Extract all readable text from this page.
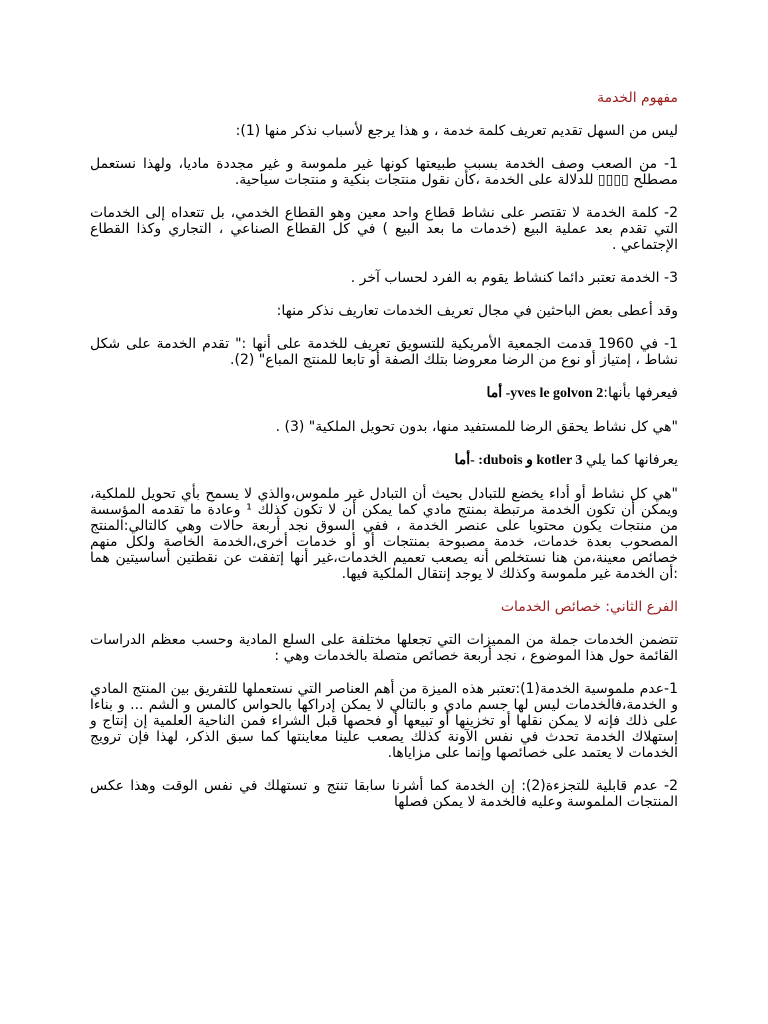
مفهوم الخدمة

ليس من السهل تقديم تعريف كلمة خدمة ، و هذا يرجع لأسباب نذكر منها (1):

1- من الصعب وصف الخدمة بسبب طبيعتها كونها غير ملموسة و غير مجددة ماديا، ولهذا نستعمل مصطلح ▯▯▯▯ للدلالة على الخدمة ،كأن نقول منتجات بنكية و منتجات سياحية.

2- كلمة الخدمة لا تقتصر على نشاط قطاع واحد معين وهو القطاع الخدمي، بل تتعداه إلى الخدمات التي تقدم بعد عملية البيع (خدمات ما بعد البيع ) في كل القطاع الصناعي ، التجاري وكذا القطاع الإجتماعي .

3- الخدمة تعتبر دائما كنشاط يقوم به الفرد لحساب آخر .

وقد أعطى بعض الباحثين في مجال تعريف الخدمات تعاريف نذكر منها:

1- في 1960 قدمت الجمعية الأمريكية للتسويق تعريف للخدمة على أنها :" تقدم الخدمة على شكل نشاط ، إمتياز أو نوع من الرضا معروضا بتلك الصفة أو تابعا للمنتج المباع" (2).

فيعرفها بأنها:yves le golvon 2- أما

"هي كل نشاط يحقق الرضا للمستفيد منها، بدون تحويل الملكية" (3) .

يعرفانها كما يلي kotler 3 و dubois: -أما

"هي كل نشاط أو أداء يخضع للتبادل بحيث أن التبادل غير ملموس،والذي لا يسمح بأي تحويل للملكية، ويمكن أن تكون الخدمة مرتبطة بمنتج مادي كما يمكن أن لا تكون كذلك ¹ وعادة ما تقدمه المؤسسة من منتجات يكون محتويا على عنصر الخدمة ، ففي السوق نجد أربعة حالات وهي كالتالي:المنتج المصحوب بعدة خدمات، خدمة مصبوحة بمنتجات أو أو خدمات أخرى،الخدمة الخاصة ولكل منهم خصائص معينة،من هنا نستخلص أنه يصعب تعميم الخدمات،غير أنها إتفقت عن نقطتين أساسيتين هما :أن الخدمة غير ملموسة وكذلك لا يوجد إنتقال الملكية فيها.

الفرع الثاني: خصائص الخدمات

تتضمن الخدمات جملة من المميزات التي تجعلها مختلفة على السلع المادية وحسب معظم الدراسات القائمة حول هذا الموضوع ، نجد أربعة خصائص متصلة بالخدمات وهي :

1-عدم ملموسية الخدمة(1):تعتبر هذه الميزة من أهم العناصر التي نستعملها للتفريق بين المنتج المادي و الخدمة،فالخدمات ليس لها جسم مادي و بالتالي لا يمكن إدراكها بالحواس كالمس و الشم ... و بناءا على ذلك فإنه لا يمكن نقلها أو تخزينها أو تبيعها أو فحصها قبل الشراء فمن الناحية العلمية إن إنتاج و إستهلاك الخدمة تحدث في نفس الآونة كذلك يصعب علينا معاينتها كما سبق الذكر، لهذا فإن ترويج الخدمات لا يعتمد على خصائصها وإنما على مزاياها.

2- عدم قابلية للتجزءة(2): إن الخدمة كما أشرنا سابقا تنتج و تستهلك في نفس الوقت وهذا عكس المنتجات الملموسة وعليه فالخدمة لا يمكن فصلها
